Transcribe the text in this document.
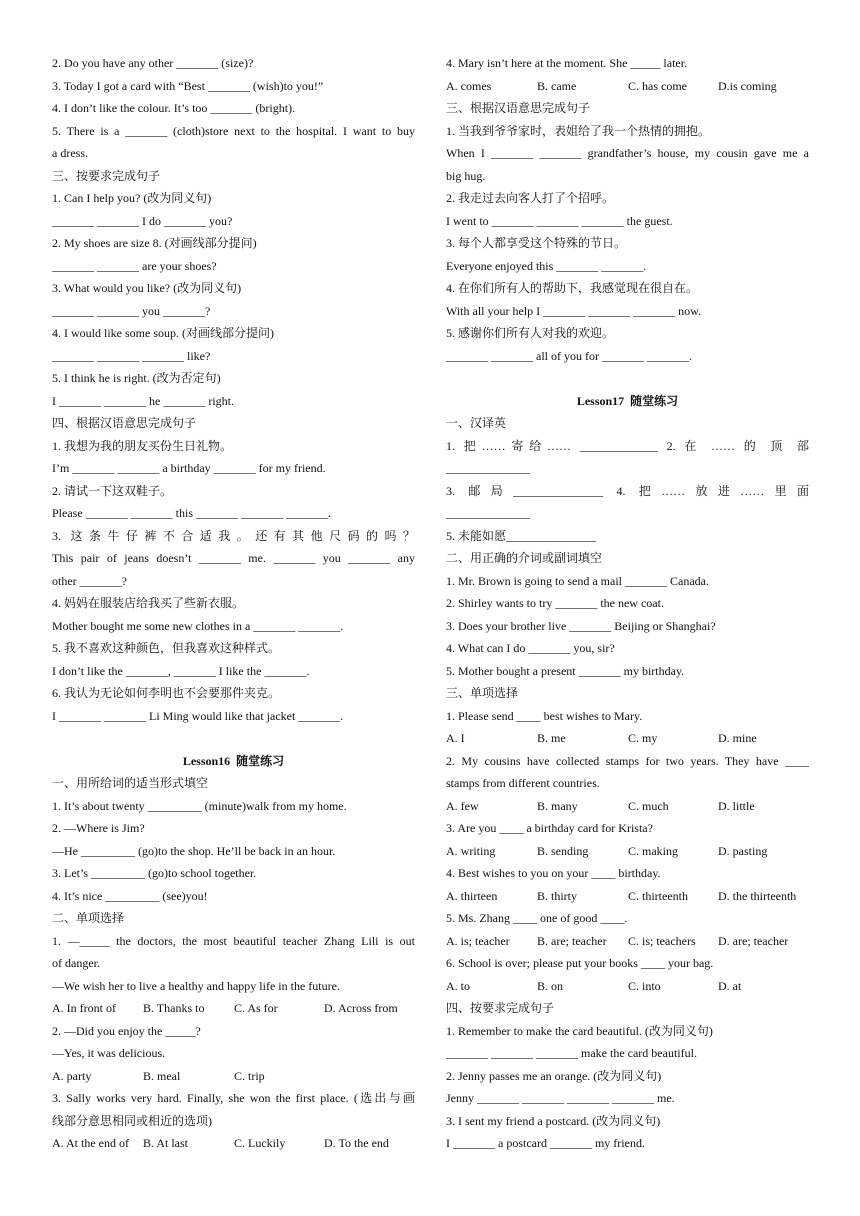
2. Do you have any other _______ (size)?
3. Today I got a card with “Best _______ (wish)to you!”
4. I don’t like the colour. It’s too _______ (bright).
5. There is a _______ (cloth)store next to the hospital. I want to buy
a dress.
三、按要求完成句子
1. Can I help you? (改为同义句)
_______ _______ I do _______ you?
2. My shoes are size 8. (对画线部分提问)
_______ _______ are your shoes?
3. What would you like? (改为同义句)
_______ _______ you _______?
4. I would like some soup. (对画线部分提问)
_______ _______ _______ like?
5. I think he is right. (改为否定句)
I _______ _______ he _______ right.
四、根据汉语意思完成句子
1. 我想为我的朋友买份生日礼物。
I’m _______ _______ a birthday _______ for my friend.
2. 请试一下这双鞋子。
Please _______ _______ this _______ _______ _______.
3. 这条牛仔裤不合适我。还有其他尺码的吗？
This pair of jeans doesn’t _______ me. _______ you _______ any
other _______?
4. 妈妈在服装店给我买了些新衣服。
Mother bought me some new clothes in a _______ _______.
5. 我不喜欢这种颜色，但我喜欢这种样式。
I don’t like the _______, _______ I like the _______.
6. 我认为无论如何李明也不会要那件夹克。
I _______ _______ Li Ming would like that jacket _______.
Lesson16  随堂练习
一、用所给词的适当形式填空
1. It’s about twenty _________ (minute)walk from my home.
2. —Where is Jim?
—He _________ (go)to the shop. He’ll be back in an hour.
3. Let’s _________ (go)to school together.
4. It’s nice _________ (see)you!
二、单项选择
1. —_____ the doctors, the most beautiful teacher Zhang Lili is out
of danger.
—We wish her to live a healthy and happy life in the future.
A. In front of B. Thanks to C. As for	D. Across from
2. —Did you enjoy the _____?
—Yes, it was delicious.
A. party	B. meal	C. trip
3. Sally works very hard. Finally, she won the first place. (选出与画
线部分意思相同或相近的选项)
A. At the end of B. At last	C. Luckily	D. To the end
4. Mary isn’t here at the moment. She _____ later.
A. comes	B. came	C. has come	D.is coming
三、根据汉语意思完成句子
1. 当我到爷爷家时，表姐给了我一个热情的拥抱。
When I _______ _______ grandfather’s house, my cousin gave me a
big hug.
2. 我走过去向客人打了个招呼。
I went to _______ _______ _______ the guest.
3. 每个人都享受这个特殊的节日。
Everyone enjoyed this _______ _______.
4. 在你们所有人的帮助下，我感觉现在很自在。
With all your help I _______ _______ _______ now.
5. 感谢你们所有人对我的欢迎。
_______ _______ all of you for _______ _______.
Lesson17  随堂练习
一、汉译英
1. 把……寄给…… _____________ 2. 在 …… 的 顶 部
______________
3. 邮局_______________ 4. 把……放进……里面
______________
5. 未能如愿_______________
二、用正确的介词或副词填空
1. Mr. Brown is going to send a mail _______ Canada.
2. Shirley wants to try _______ the new coat.
3. Does your brother live _______ Beijing or Shanghai?
4. What can I do _______ you, sir?
5. Mother bought a present _______ my birthday.
三、单项选择
1. Please send ____ best wishes to Mary.
A. I	B. me	C. my	D. mine
2. My cousins have collected stamps for two years. They have ____
stamps from different countries.
A. few	B. many	C. much	D. little
3. Are you ____ a birthday card for Krista?
A. writing	B. sending	C. making	D. pasting
4. Best wishes to you on your ____ birthday.
A. thirteen	B. thirty	C. thirteenth	D. the thirteenth
5. Ms. Zhang ____ one of good ____.
A. is; teacher B. are; teacher C. is; teachers D. are; teacher
6. School is over; please put your books ____ your bag.
A. to	B. on	C. into	D. at
四、按要求完成句子
1. Remember to make the card beautiful. (改为同义句)
_______ _______ _______ make the card beautiful.
2. Jenny passes me an orange. (改为同义句)
Jenny _______ _______ _______ _______ me.
3. I sent my friend a postcard. (改为同义句)
I _______ a postcard _______ my friend.
